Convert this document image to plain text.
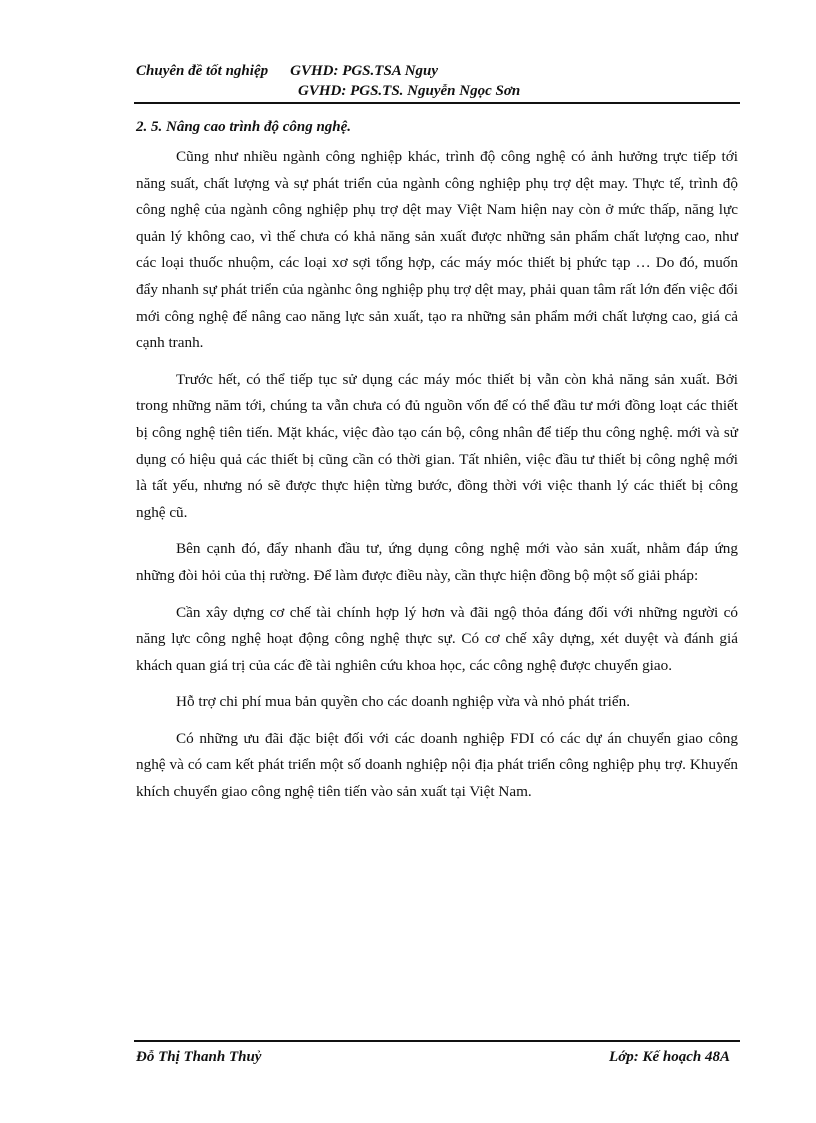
Chuyên đề tốt nghiệp GVHD: PGS.TSA Nguy
GVHD: PGS.TS. Nguyễn Ngọc Sơn
2. 5. Nâng cao trình độ công nghệ.

Cũng như nhiều ngành công nghiệp khác, trình độ công nghệ có ảnh hưởng trực tiếp tới năng suất, chất lượng và sự phát triển của ngành công nghiệp phụ trợ dệt may. Thực tế, trình độ công nghệ của ngành công nghiệp phụ trợ dệt may Việt Nam hiện nay còn ở mức thấp, năng lực quản lý không cao, vì thế chưa có khả năng sản xuất được những sản phẩm chất lượng cao, như các loại thuốc nhuộm, các loại xơ sợi tổng hợp, các máy móc thiết bị phức tạp … Do đó, muốn đẩy nhanh sự phát triển của ngànhc ông nghiệp phụ trợ dệt may, phải quan tâm rất lớn đến việc đổi mới công nghệ để nâng cao năng lực sản xuất, tạo ra những sản phẩm mới chất lượng cao, giá cả cạnh tranh.

Trước hết, có thể tiếp tục sử dụng các máy móc thiết bị vẫn còn khả năng sản xuất. Bởi trong những năm tới, chúng ta vẫn chưa có đủ nguồn vốn để có thể đầu tư mới đồng loạt các thiết bị công nghệ tiên tiến. Mặt khác, việc đào tạo cán bộ, công nhân để tiếp thu công nghệ. mới và sử dụng có hiệu quả các thiết bị cũng cần có thời gian. Tất nhiên, việc đầu tư thiết bị công nghệ mới là tất yếu, nhưng nó sẽ được thực hiện từng bước, đồng thời với việc thanh lý các thiết bị công nghệ cũ.

Bên cạnh đó, đẩy nhanh đầu tư, ứng dụng công nghệ mới vào sản xuất, nhằm đáp ứng những đòi hỏi của thị rường. Để làm được điều này, cần thực hiện đồng bộ một số giải pháp:

Cần xây dựng cơ chế tài chính hợp lý hơn và đãi ngộ thỏa đáng đối với những người có năng lực công nghệ hoạt động công nghệ thực sự. Có cơ chế xây dựng, xét duyệt và đánh giá khách quan giá trị của các đề tài nghiên cứu khoa học, các công nghệ được chuyển giao.

Hỗ trợ chi phí mua bản quyền cho các doanh nghiệp vừa và nhỏ phát triển.

Có những ưu đãi đặc biệt đối với các doanh nghiệp FDI có các dự án chuyển giao công nghệ và có cam kết phát triển một số doanh nghiệp nội địa phát triển công nghiệp phụ trợ. Khuyến khích chuyển giao công nghệ tiên tiến vào sản xuất tại Việt Nam.

Đỗ Thị Thanh Thuỷ	Lớp: Kế hoạch 48A
